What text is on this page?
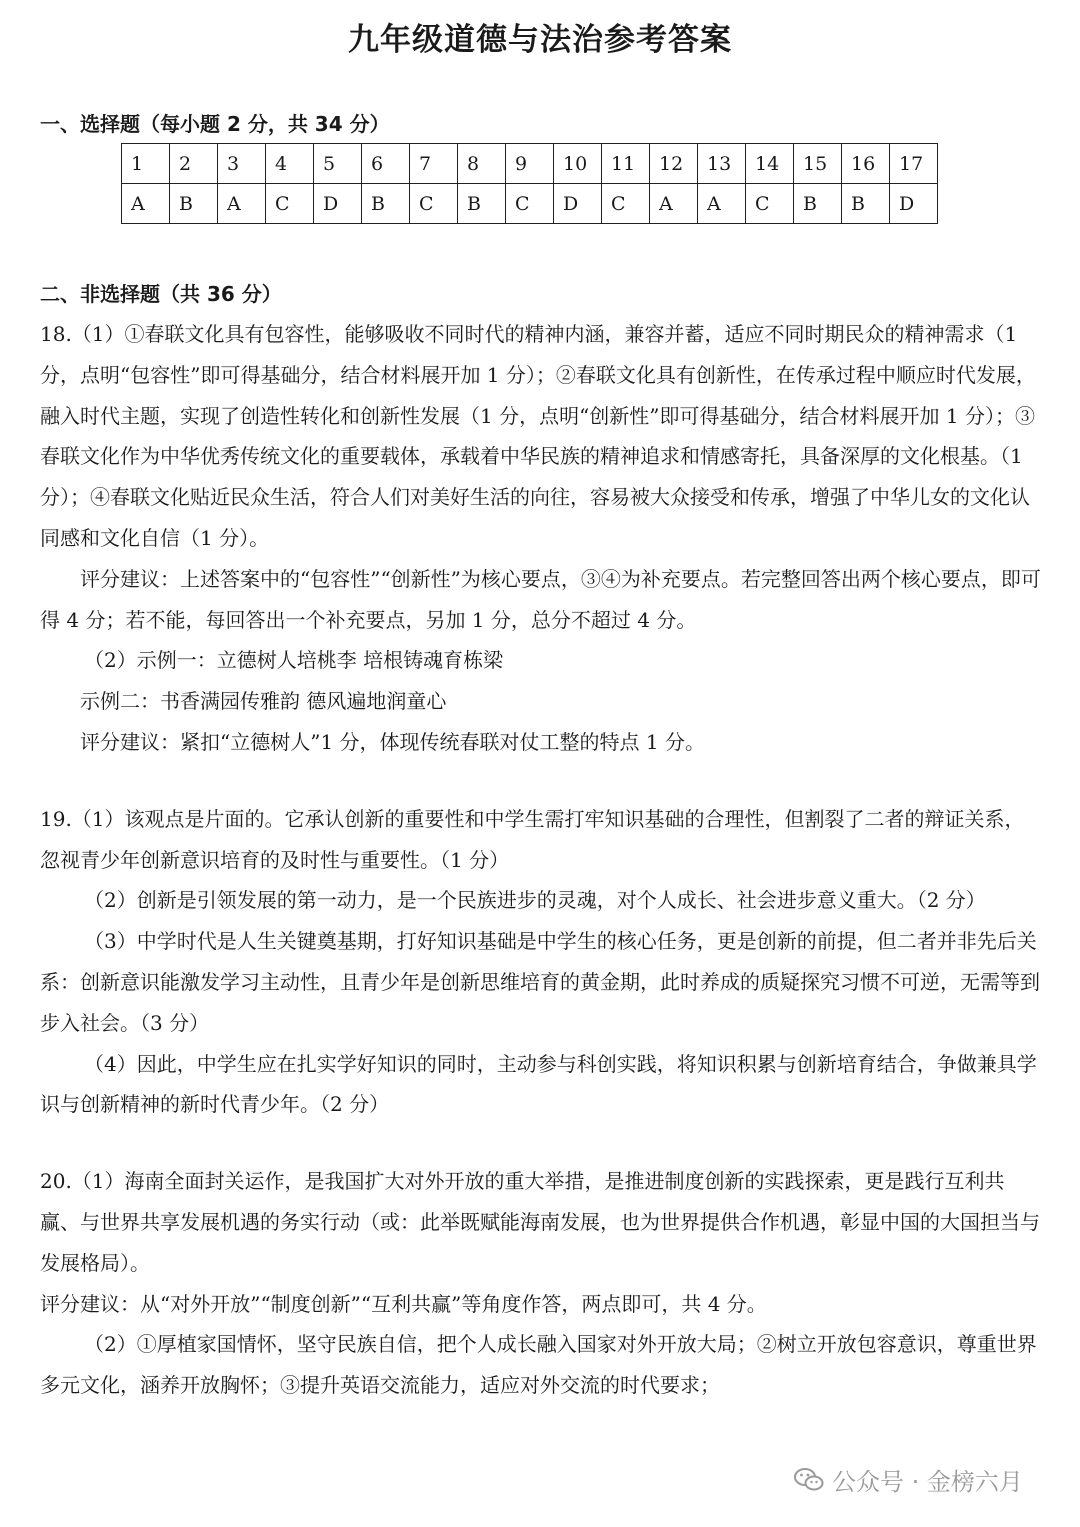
九年级道德与法治参考答案
一、选择题（每小题 2 分，共 34 分）
1	2	3	4	5	6	7	8	9	10	11	12	13	14	15	16	17
A	B	A	C	D	B	C	B	C	D	C	A	A	C	B	B	D
二、非选择题（共 36 分）

18.（1）①春联文化具有包容性，能够吸收不同时代的精神内涵，兼容并蓄，适应不同时期民众的精神需求（1 分，点明“包容性”即可得基础分，结合材料展开加 1 分）；②春联文化具有创新性，在传承过程中顺应时代发展，融入时代主题，实现了创造性转化和创新性发展（1 分，点明“创新性”即可得基础分，结合材料展开加 1 分）；③春联文化作为中华优秀传统文化的重要载体，承载着中华民族的精神追求和情感寄托，具备深厚的文化根基。（1 分）；④春联文化贴近民众生活，符合人们对美好生活的向往，容易被大众接受和传承，增强了中华儿女的文化认同感和文化自信（1 分）。

评分建议：上述答案中的“包容性”“创新性”为核心要点，③④为补充要点。若完整回答出两个核心要点，即可得 4 分；若不能，每回答出一个补充要点，另加 1 分，总分不超过 4 分。

（2）示例一：立德树人培桃李 培根铸魂育栋梁

示例二：书香满园传雅韵 德风遍地润童心

评分建议：紧扣“立德树人”1 分，体现传统春联对仗工整的特点 1 分。

19.（1）该观点是片面的。它承认创新的重要性和中学生需打牢知识基础的合理性，但割裂了二者的辩证关系，忽视青少年创新意识培育的及时性与重要性。（1 分）

（2）创新是引领发展的第一动力，是一个民族进步的灵魂，对个人成长、社会进步意义重大。（2 分）

（3）中学时代是人生关键奠基期，打好知识基础是中学生的核心任务，更是创新的前提，但二者并非先后关系：创新意识能激发学习主动性，且青少年是创新思维培育的黄金期，此时养成的质疑探究习惯不可逆，无需等到步入社会。（3 分）

（4）因此，中学生应在扎实学好知识的同时，主动参与科创实践，将知识积累与创新培育结合，争做兼具学识与创新精神的新时代青少年。（2 分）

20.（1）海南全面封关运作，是我国扩大对外开放的重大举措，是推进制度创新的实践探索，更是践行互利共赢、与世界共享发展机遇的务实行动（或：此举既赋能海南发展，也为世界提供合作机遇，彰显中国的大国担当与发展格局）。

评分建议：从“对外开放”“制度创新”“互利共赢”等角度作答，两点即可，共 4 分。

（2）①厚植家国情怀，坚守民族自信，把个人成长融入国家对外开放大局；②树立开放包容意识，尊重世界多元文化，涵养开放胸怀；③提升英语交流能力，适应对外交流的时代要求；

公众号 · 金榜六月
